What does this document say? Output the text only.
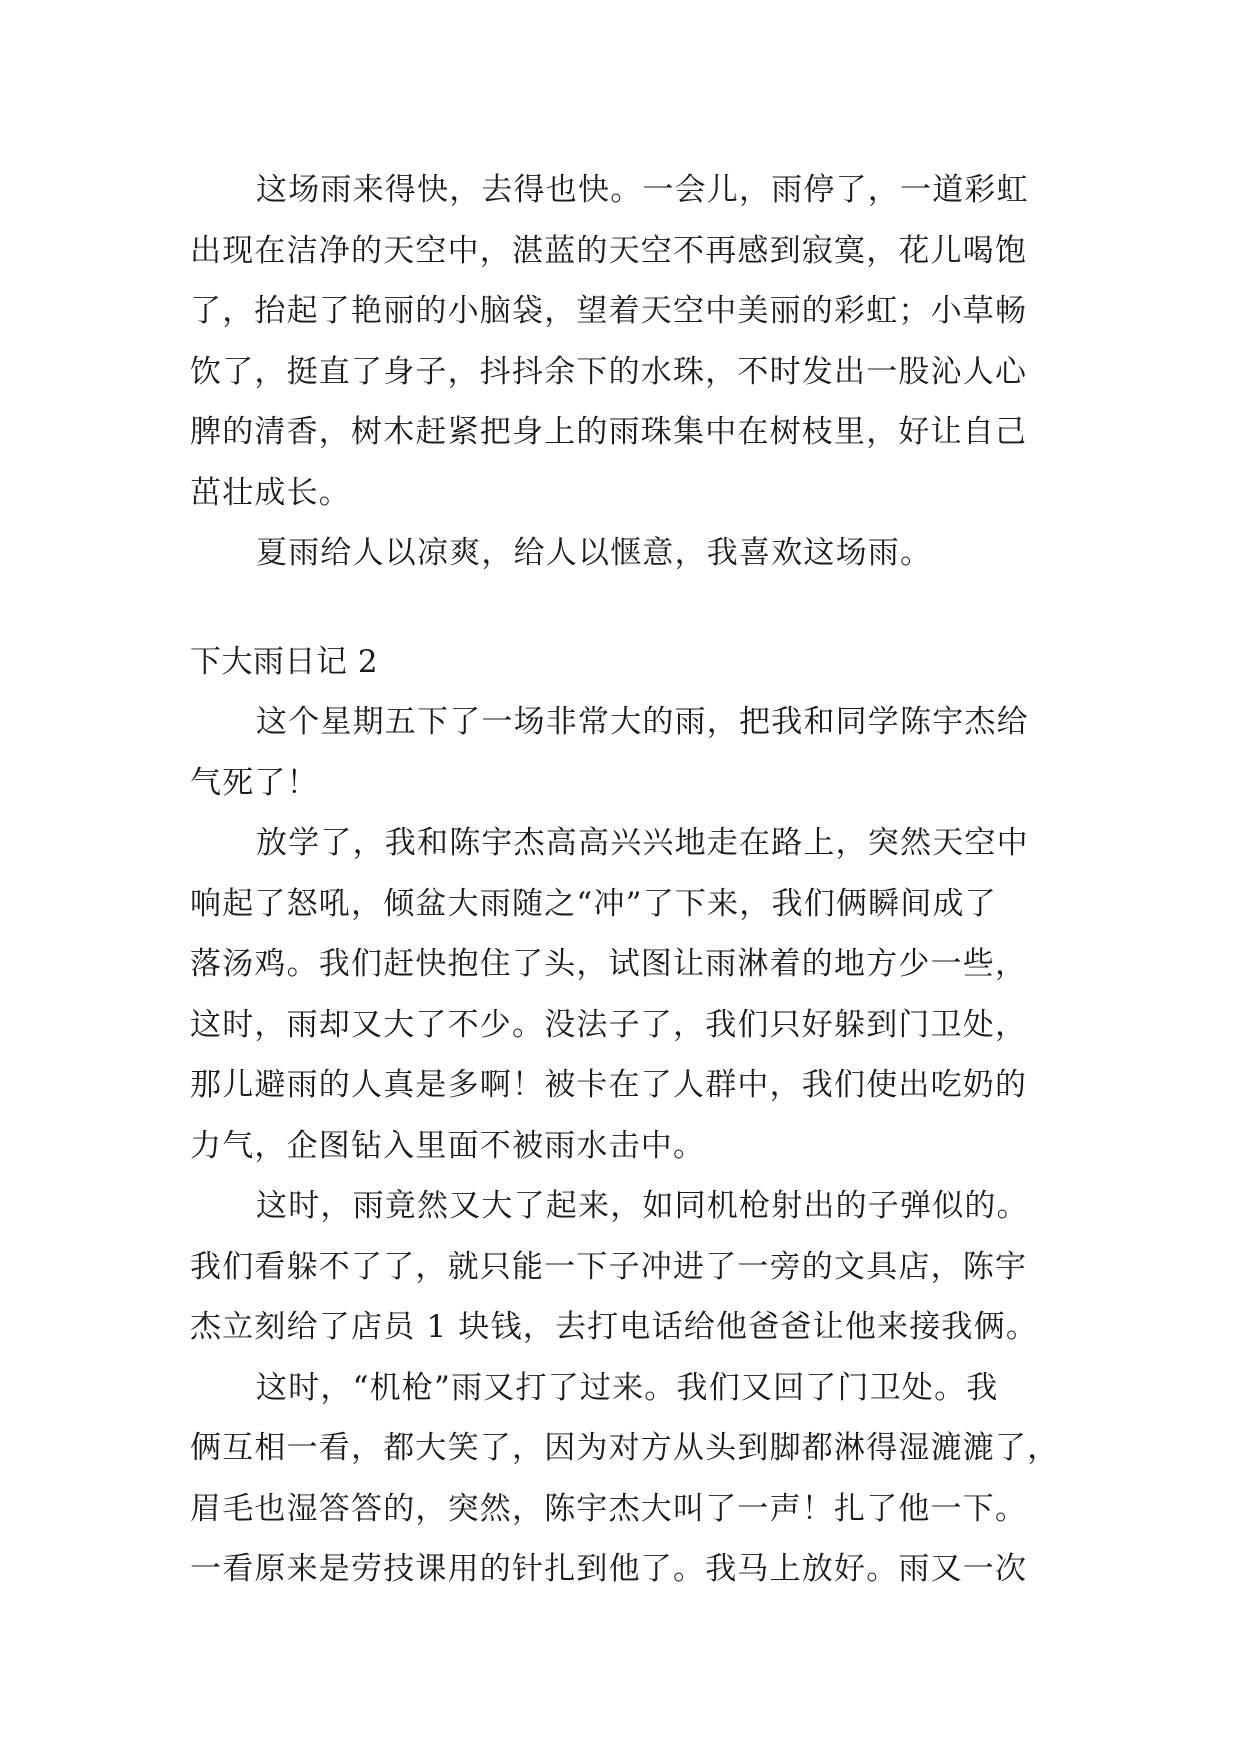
这场雨来得快，去得也快。一会儿，雨停了，一道彩虹
出现在洁净的天空中，湛蓝的天空不再感到寂寞，花儿喝饱
了，抬起了艳丽的小脑袋，望着天空中美丽的彩虹；小草畅
饮了，挺直了身子，抖抖余下的水珠，不时发出一股沁人心
脾的清香，树木赶紧把身上的雨珠集中在树枝里，好让自己
茁壮成长。
夏雨给人以凉爽，给人以惬意，我喜欢这场雨。
下大雨日记 2
这个星期五下了一场非常大的雨，把我和同学陈宇杰给
气死了！
放学了，我和陈宇杰高高兴兴地走在路上，突然天空中
响起了怒吼，倾盆大雨随之“冲”了下来，我们俩瞬间成了
落汤鸡。我们赶快抱住了头，试图让雨淋着的地方少一些，
这时，雨却又大了不少。没法子了，我们只好躲到门卫处，
那儿避雨的人真是多啊！被卡在了人群中，我们使出吃奶的
力气，企图钻入里面不被雨水击中。
这时，雨竟然又大了起来，如同机枪射出的子弹似的。
我们看躲不了了，就只能一下子冲进了一旁的文具店，陈宇
杰立刻给了店员 1 块钱，去打电话给他爸爸让他来接我俩。
这时，“机枪”雨又打了过来。我们又回了门卫处。我
俩互相一看，都大笑了，因为对方从头到脚都淋得湿漉漉了，
眉毛也湿答答的，突然，陈宇杰大叫了一声！扎了他一下。
一看原来是劳技课用的针扎到他了。我马上放好。雨又一次
